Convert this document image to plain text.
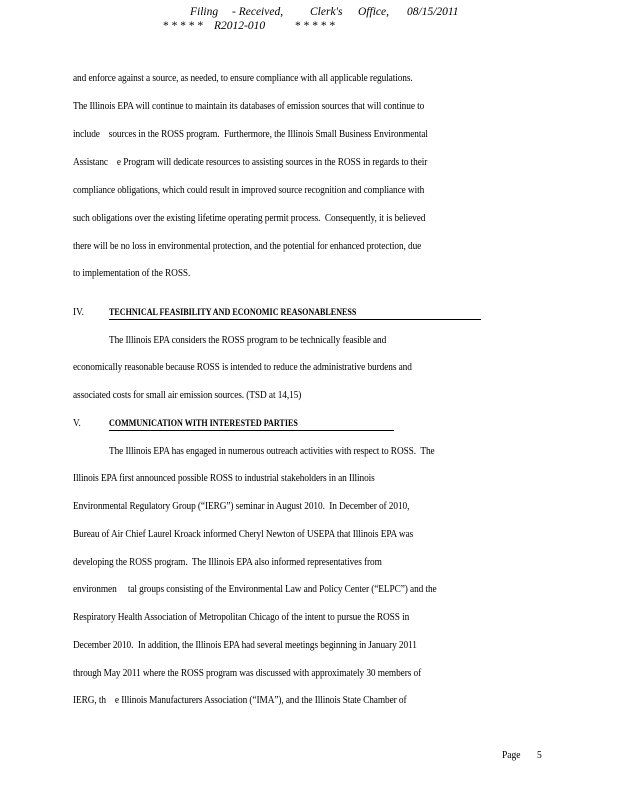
Filing - Received, Clerk's Office, 08/15/2011
* * * * * R2012-010	* * * * *
and enforce against a source, as needed, to ensure compliance with all applicable regulations.
The Illinois EPA will continue to maintain its databases of emission sources that will continue to
include    sources in the ROSS program.  Furthermore, the Illinois Small Business Environmental
Assistanc    e Program will dedicate resources to assisting sources in the ROSS in regards to their
compliance obligations, which could result in improved source recognition and compliance with
such obligations over the existing lifetime operating permit process.  Consequently, it is believed
there will be no loss in environmental protection, and the potential for enhanced protection, due
to implementation of the ROSS.
IV.	TECHNICAL FEASIBILITY AND ECONOMIC REASONABLENESS
The Illinois EPA considers the ROSS program to be technically feasible and
economically reasonable because ROSS is intended to reduce the administrative burdens and
associated costs for small air emission sources. (TSD at 14,15)
V.	COMMUNICATION WITH INTERESTED PARTIES
The Illinois EPA has engaged in numerous outreach activities with respect to ROSS.  The
Illinois EPA first announced possible ROSS to industrial stakeholders in an Illinois
Environmental Regulatory Group (“IERG”) seminar in August 2010.  In December of 2010,
Bureau of Air Chief Laurel Kroack informed Cheryl Newton of USEPA that Illinois EPA was
developing the ROSS program.  The Illinois EPA also informed representatives from
environmen     tal groups consisting of the Environmental Law and Policy Center (“ELPC”) and the
Respiratory Health Association of Metropolitan Chicago of the intent to pursue the ROSS in
December 2010.  In addition, the Illinois EPA had several meetings beginning in January 2011
through May 2011 where the ROSS program was discussed with approximately 30 members of
IERG, th    e Illinois Manufacturers Association (“IMA”), and the Illinois State Chamber of
Page 5
